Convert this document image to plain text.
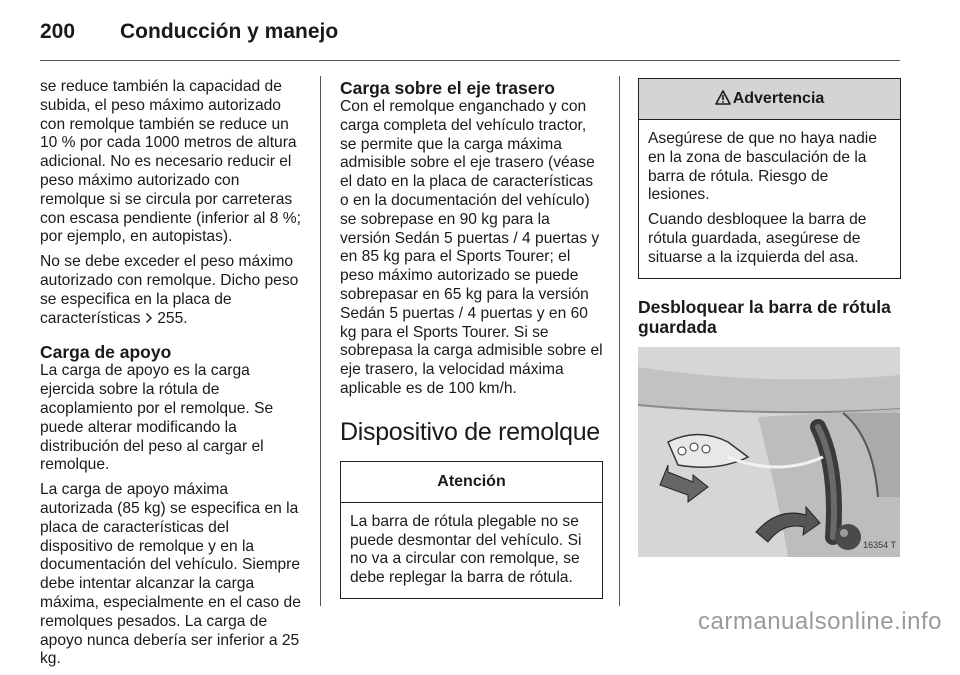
200 Conducción y manejo

se reduce también la capacidad de subida, el peso máximo autorizado con remolque también se reduce un 10 % por cada 1000 metros de altura adicional. No es necesario reducir el peso máximo autorizado con remolque si se circula por carreteras con escasa pendiente (inferior al 8 %; por ejemplo, en autopistas).

No se debe exceder el peso máximo autorizado con remolque. Dicho peso se especifica en la placa de características 255.

Carga de apoyo

La carga de apoyo es la carga ejercida sobre la rótula de acoplamiento por el remolque. Se puede alterar modificando la distribución del peso al cargar el remolque.

La carga de apoyo máxima autorizada (85 kg) se especifica en la placa de características del dispositivo de remolque y en la documentación del vehículo. Siempre debe intentar alcanzar la carga máxima, especialmente en el caso de remolques pesados. La carga de apoyo nunca debería ser inferior a 25 kg.

Carga sobre el eje trasero

Con el remolque enganchado y con carga completa del vehículo tractor, se permite que la carga máxima admisible sobre el eje trasero (véase el dato en la placa de características o en la documentación del vehículo) se sobrepase en 90 kg para la versión Sedán 5 puertas / 4 puertas y en 85 kg para el Sports Tourer; el peso máximo autorizado se puede sobrepasar en 65 kg para la versión Sedán 5 puertas / 4 puertas y en 60 kg para el Sports Tourer. Si se sobrepasa la carga admisible sobre el eje trasero, la velocidad máxima aplicable es de 100 km/h.

Dispositivo de remolque
Atención

La barra de rótula plegable no se puede desmontar del vehículo. Si no va a circular con remolque, se debe replegar la barra de rótula.

Advertencia

Asegúrese de que no haya nadie en la zona de basculación de la barra de rótula. Riesgo de lesiones.

Cuando desbloquee la barra de rótula guardada, asegúrese de situarse a la izquierda del asa.

Desbloquear la barra de rótula guardada
16354 T
carmanualsonline.info
